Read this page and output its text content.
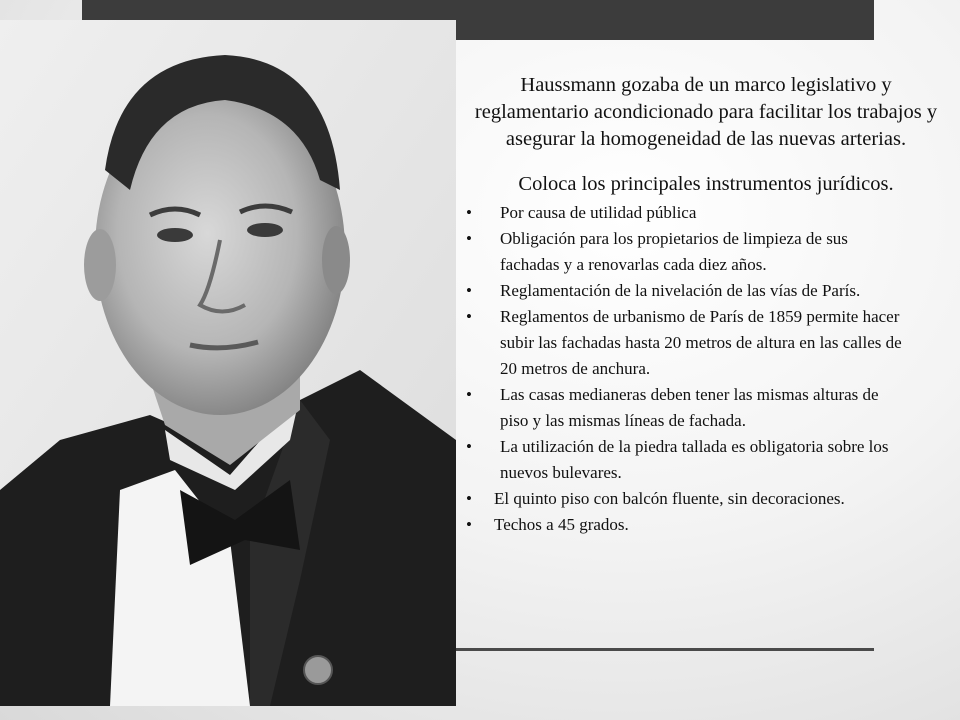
Haussmann gozaba de un marco legislativo y reglamentario acondicionado para facilitar los trabajos y asegurar la homogeneidad de las nuevas arterias.

Coloca los principales instrumentos jurídicos.

• Por causa de utilidad pública
• Obligación para los propietarios de limpieza de sus fachadas y a renovarlas cada diez años.
• Reglamentación de la nivelación de las vías de París.
• Reglamentos de urbanismo de París de 1859 permite hacer subir las fachadas hasta 20 metros de altura en las calles de 20 metros de anchura.
• Las casas medianeras deben tener las mismas alturas de piso y las mismas líneas de fachada.
• La utilización de la piedra tallada es obligatoria sobre los nuevos bulevares.
• El quinto piso con balcón fluente, sin decoraciones.
• Techos a 45 grados.
